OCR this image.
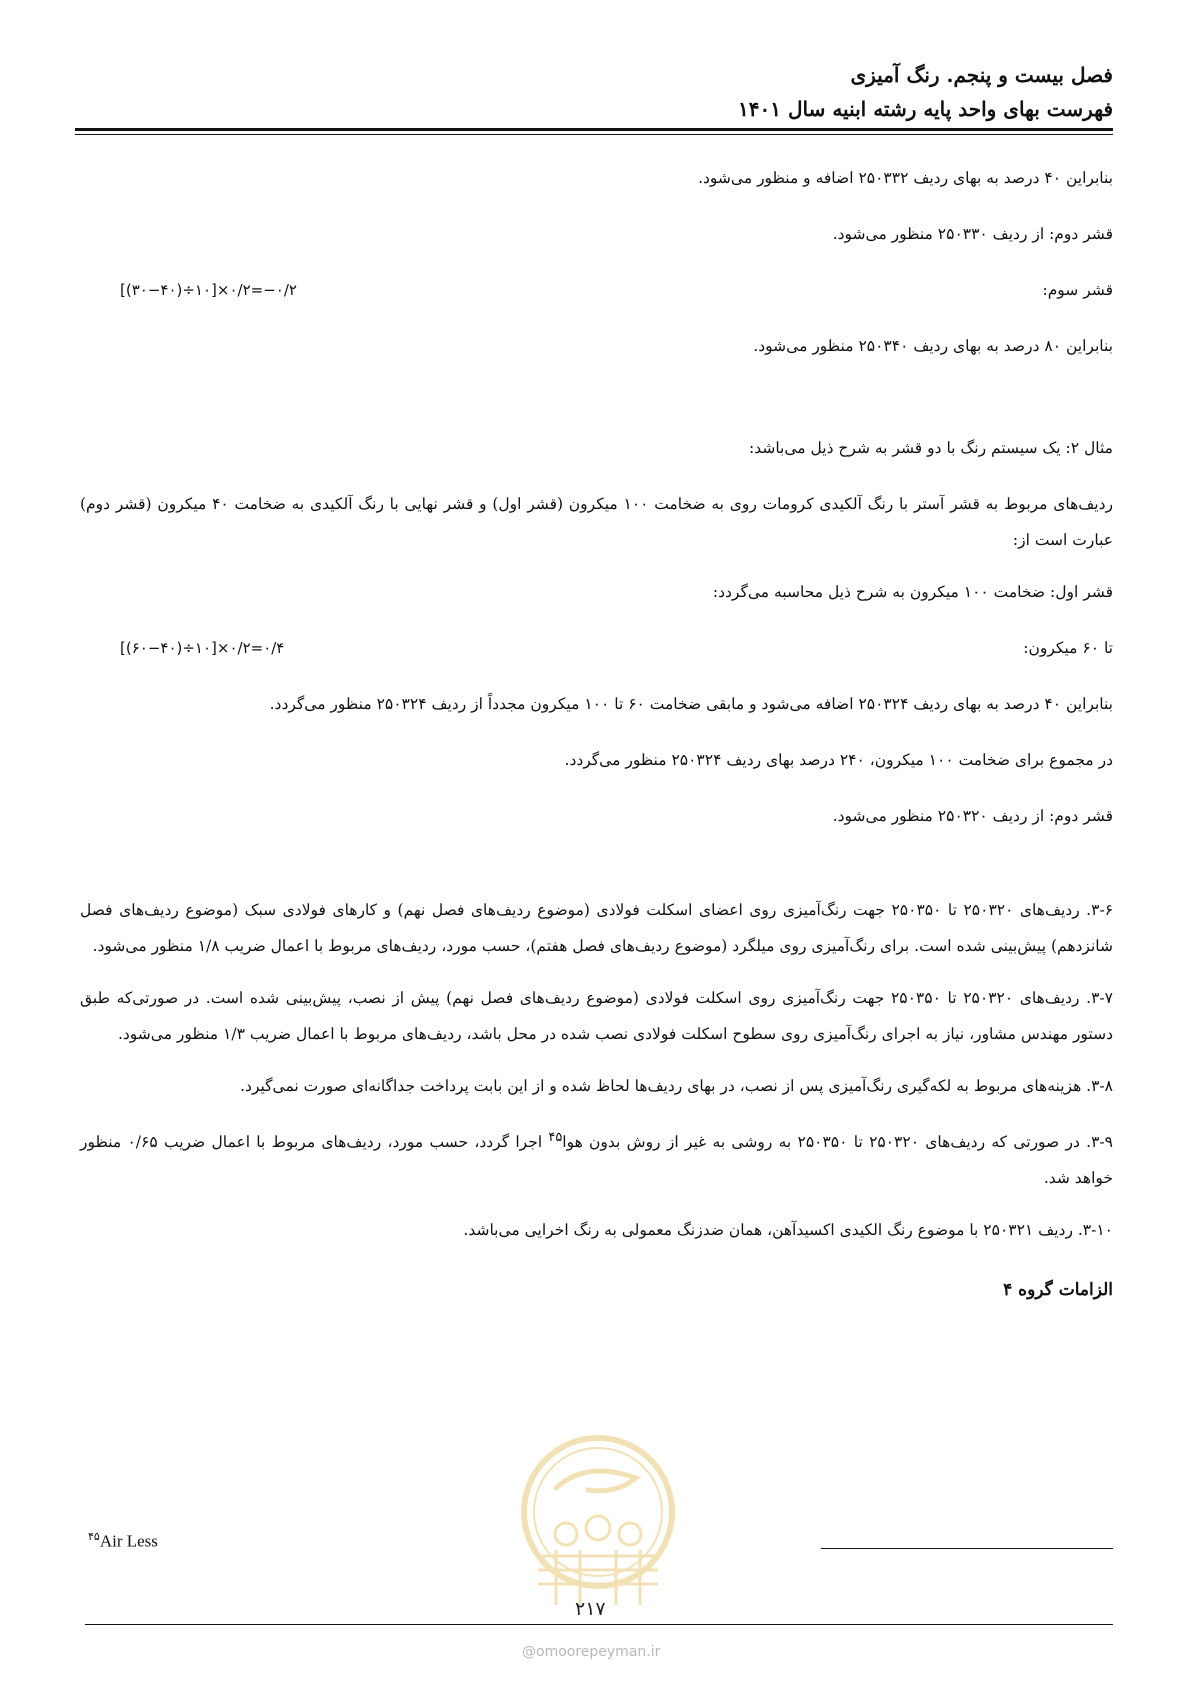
فصل بیست و پنجم. رنگ آمیزی
فهرست بهای واحد پایه رشته ابنیه سال ۱۴۰۱
بنابراین ۴۰ درصد به بهای ردیف ۲۵۰۳۳۲ اضافه و منظور می‌شود.
قشر دوم: از ردیف ۲۵۰۳۳۰ منظور می‌شود.
قشر سوم:
[(۳۰−۴۰)÷۱۰]×۰/۲=−۰/۲
بنابراین ۸۰ درصد به بهای ردیف ۲۵۰۳۴۰ منظور می‌شود.
مثال ۲: یک سیستم رنگ با دو قشر به شرح ذیل می‌باشد:
ردیف‌های مربوط به قشر آستر با رنگ آلکیدی کرومات روی به ضخامت ۱۰۰ میکرون (قشر اول) و قشر نهایی با رنگ آلکیدی به ضخامت ۴۰ میکرون (قشر دوم) عبارت است از:
قشر اول: ضخامت ۱۰۰ میکرون به شرح ذیل محاسبه می‌گردد:
تا ۶۰ میکرون:
[(۶۰−۴۰)÷۱۰]×۰/۲=۰/۴
بنابراین ۴۰ درصد به بهای ردیف ۲۵۰۳۲۴ اضافه می‌شود و مابقی ضخامت ۶۰ تا ۱۰۰ میکرون مجدداً از ردیف ۲۵۰۳۲۴ منظور می‌گردد.
در مجموع برای ضخامت ۱۰۰ میکرون، ۲۴۰ درصد بهای ردیف ۲۵۰۳۲۴ منظور می‌گردد.
قشر دوم: از ردیف ۲۵۰۳۲۰ منظور می‌شود.
۳-۶. ردیف‌های ۲۵۰۳۲۰ تا ۲۵۰۳۵۰ جهت رنگ‌آمیزی روی اعضای اسکلت فولادی (موضوع ردیف‌های فصل نهم) و کارهای فولادی سبک (موضوع ردیف‌های فصل شانزدهم) پیش‌بینی شده است. برای رنگ‌آمیزی روی میلگرد (موضوع ردیف‌های فصل هفتم)، حسب مورد، ردیف‌های مربوط با اعمال ضریب ۱/۸ منظور می‌شود.
۳-۷. ردیف‌های ۲۵۰۳۲۰ تا ۲۵۰۳۵۰ جهت رنگ‌آمیزی روی اسکلت فولادی (موضوع ردیف‌های فصل نهم) پیش از نصب، پیش‌بینی شده است. در صورتی‌که طبق دستور مهندس مشاور، نیاز به اجرای رنگ‌آمیزی روی سطوح اسکلت فولادی نصب شده در محل باشد، ردیف‌های مربوط با اعمال ضریب ۱/۳ منظور می‌شود.
۳-۸. هزینه‌های مربوط به لکه‌گیری رنگ‌آمیزی پس از نصب، در بهای ردیف‌ها لحاظ شده و از این بابت پرداخت جداگانه‌ای صورت نمی‌گیرد.
۳-۹. در صورتی که ردیف‌های ۲۵۰۳۲۰ تا ۲۵۰۳۵۰ به روشی به غیر از روش بدون هوا$^{۴۵}$ اجرا گردد، حسب مورد، ردیف‌های مربوط با اعمال ضریب ۰/۶۵ منظور خواهد شد.
۳-۱۰. ردیف ۲۵۰۳۲۱ با موضوع رنگ الکیدی اکسیدآهن، همان ضدزنگ معمولی به رنگ اخرایی می‌باشد.
الزامات گروه ۴
$^{۴۵}$Air Less
۲۱۷
@omoorepeyman.ir
